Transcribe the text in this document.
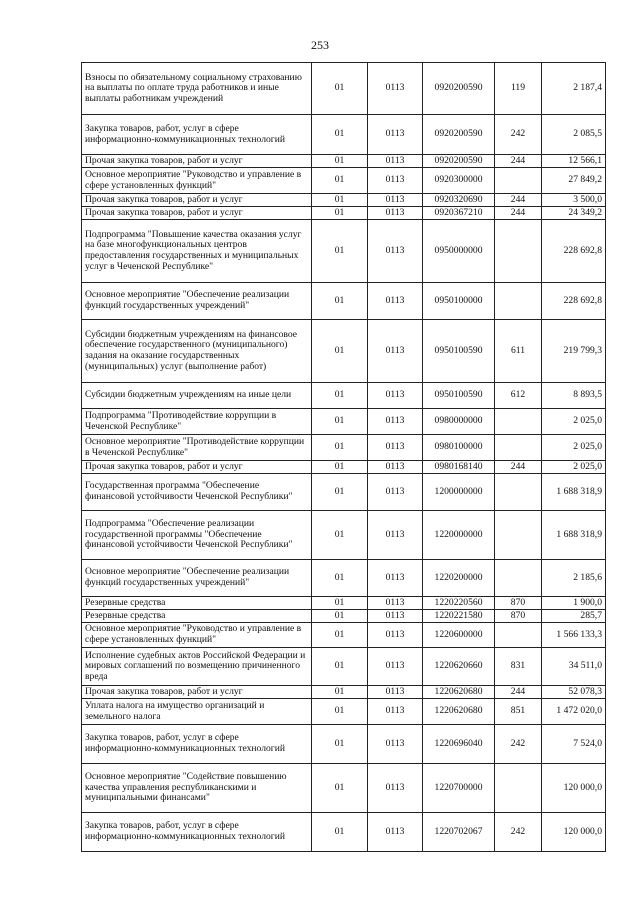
253
Взносы по обязательному социальному страхованию на выплаты по оплате труда работников и иные выплаты работникам учреждений	01	0113	0920200590	119	2 187,4
Закупка товаров, работ, услуг в сфере информационно-коммуникационных технологий	01	0113	0920200590	242	2 085,5
Прочая закупка товаров, работ и услуг	01	0113	0920200590	244	12 566,1
Основное мероприятие "Руководство и управление в сфере установленных функций"	01	0113	0920300000		27 849,2
Прочая закупка товаров, работ и услуг	01	0113	0920320690	244	3 500,0
Прочая закупка товаров, работ и услуг	01	0113	0920367210	244	24 349,2
Подпрограмма "Повышение качества оказания услуг на базе многофункциональных центров предоставления государственных и муниципальных услуг в Чеченской Республике"	01	0113	0950000000		228 692,8
Основное мероприятие "Обеспечение реализации функций государственных учреждений"	01	0113	0950100000		228 692,8
Субсидии бюджетным учреждениям на финансовое обеспечение государственного (муниципального) задания на оказание государственных (муниципальных) услуг (выполнение работ)	01	0113	0950100590	611	219 799,3
Субсидии бюджетным учреждениям на иные цели	01	0113	0950100590	612	8 893,5
Подпрограмма "Противодействие коррупции в Чеченской Республике"	01	0113	0980000000		2 025,0
Основное мероприятие "Противодействие коррупции в Чеченской Республике"	01	0113	0980100000		2 025,0
Прочая закупка товаров, работ и услуг	01	0113	0980168140	244	2 025,0
Государственная программа "Обеспечение финансовой устойчивости Чеченской Республики"	01	0113	1200000000		1 688 318,9
Подпрограмма "Обеспечение реализации государственной программы "Обеспечение финансовой устойчивости Чеченской Республики"	01	0113	1220000000		1 688 318,9
Основное мероприятие "Обеспечение реализации функций государственных учреждений"	01	0113	1220200000		2 185,6
Резервные средства	01	0113	1220220560	870	1 900,0
Резервные средства	01	0113	1220221580	870	285,7
Основное мероприятие "Руководство и управление в сфере установленных функций"	01	0113	1220600000		1 566 133,3
Исполнение судебных актов Российской Федерации и мировых соглашений по возмещению причиненного вреда	01	0113	1220620660	831	34 511,0
Прочая закупка товаров, работ и услуг	01	0113	1220620680	244	52 078,3
Уплата налога на имущество организаций и земельного налога	01	0113	1220620680	851	1 472 020,0
Закупка товаров, работ, услуг в сфере информационно-коммуникационных технологий	01	0113	1220696040	242	7 524,0
Основное мероприятие "Содействие повышению качества управления республиканскими и муниципальными финансами"	01	0113	1220700000		120 000,0
Закупка товаров, работ, услуг в сфере информационно-коммуникационных технологий	01	0113	1220702067	242	120 000,0
